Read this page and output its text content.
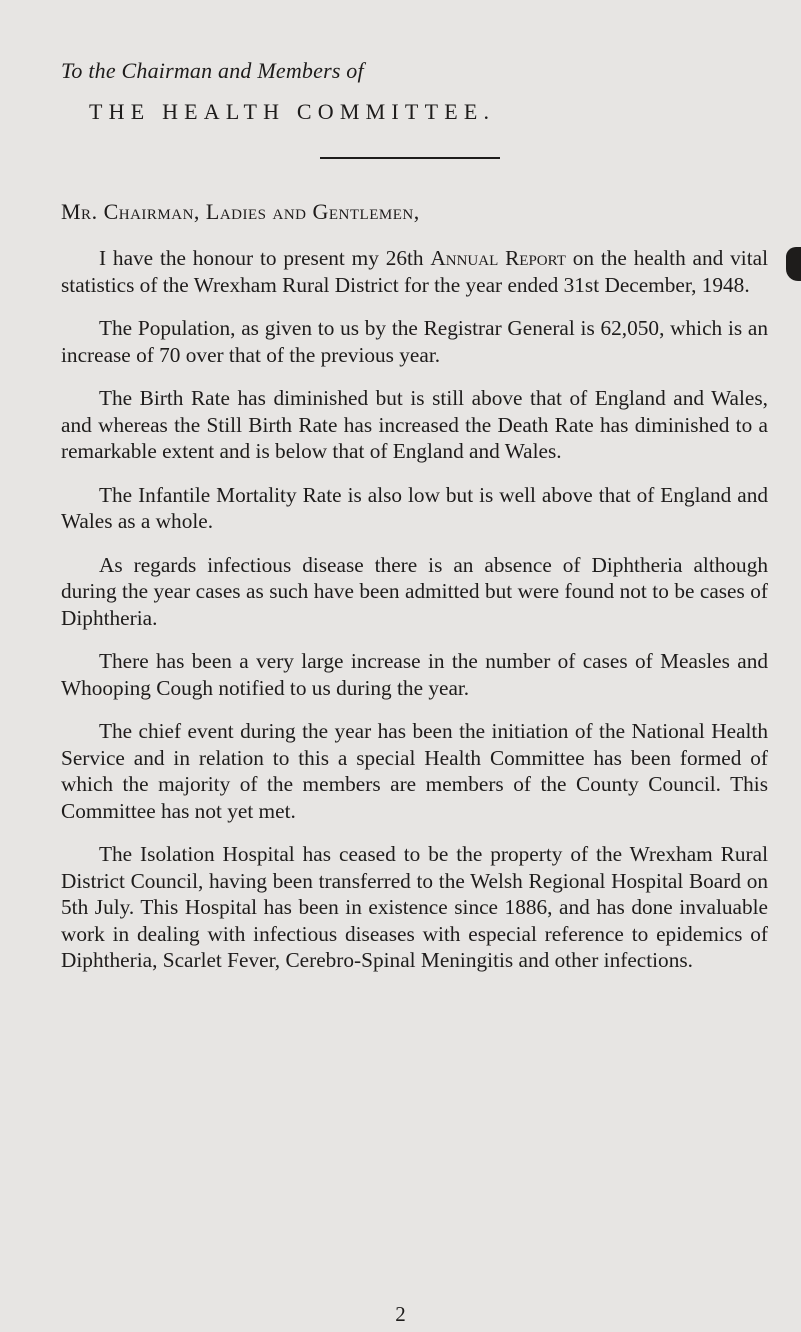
To the Chairman and Members of
THE HEALTH COMMITTEE.
Mr. Chairman, Ladies and Gentlemen,

I have the honour to present my 26th Annual Report on the health and vital statistics of the Wrexham Rural District for the year ended 31st December, 1948.

The Population, as given to us by the Registrar General is 62,050, which is an increase of 70 over that of the previous year.

The Birth Rate has diminished but is still above that of England and Wales, and whereas the Still Birth Rate has increased the Death Rate has diminished to a remarkable extent and is below that of England and Wales.

The Infantile Mortality Rate is also low but is well above that of England and Wales as a whole.

As regards infectious disease there is an absence of Diphtheria although during the year cases as such have been admitted but were found not to be cases of Diphtheria.

There has been a very large increase in the number of cases of Measles and Whooping Cough notified to us during the year.

The chief event during the year has been the initiation of the National Health Service and in relation to this a special Health Committee has been formed of which the majority of the members are members of the County Council. This Committee has not yet met.

The Isolation Hospital has ceased to be the property of the Wrexham Rural District Council, having been transferred to the Welsh Regional Hospital Board on 5th July. This Hospital has been in existence since 1886, and has done invaluable work in dealing with infectious diseases with especial reference to epidemics of Diphtheria, Scarlet Fever, Cerebro-Spinal Meningitis and other infections.

2
